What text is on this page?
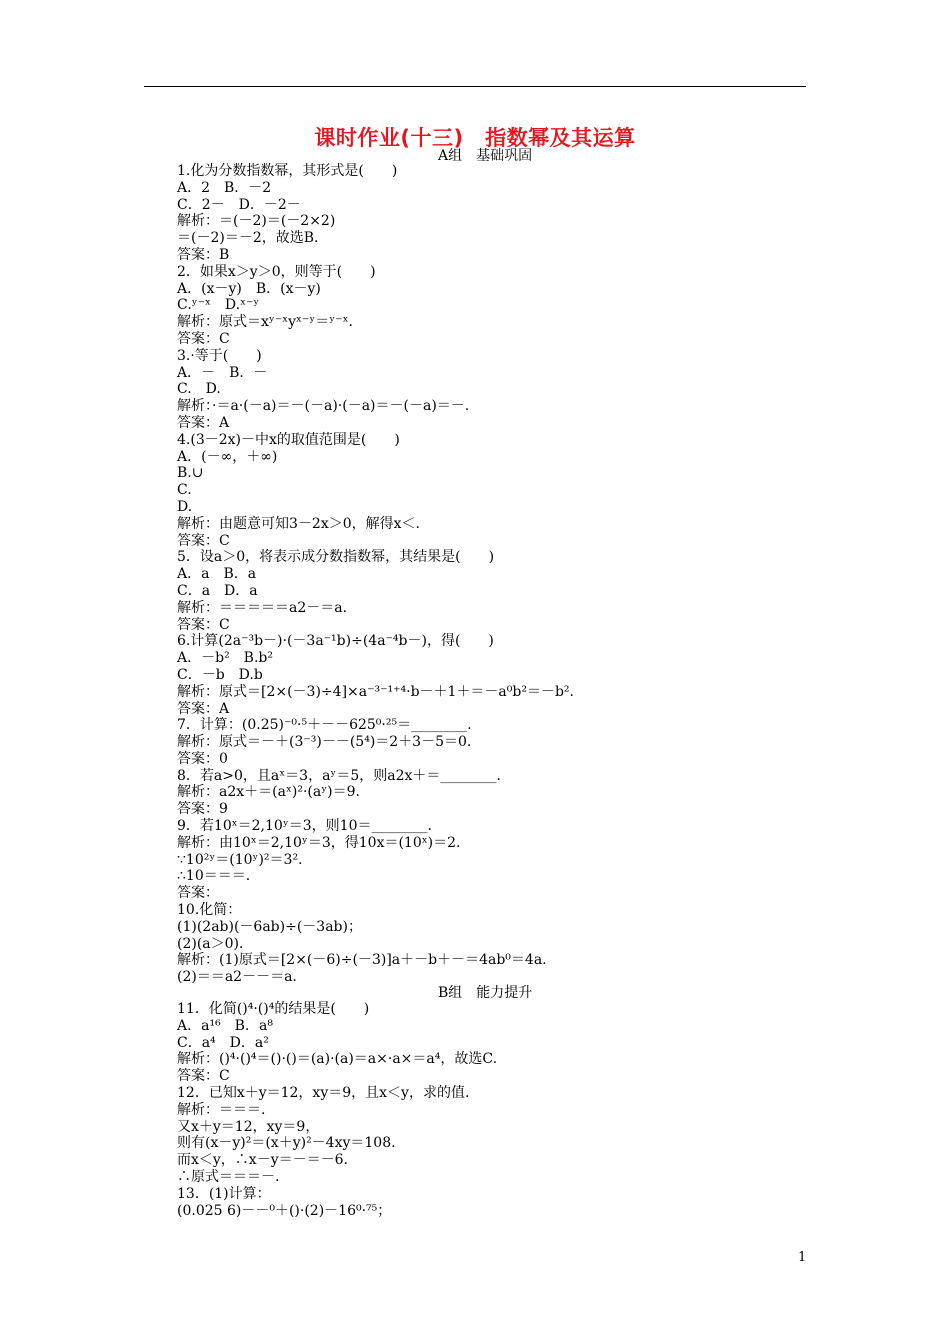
课时作业(十三)　指数幂及其运算
A组　基础巩固
1.化为分数指数幂，其形式是(　　)
A．2　B．－2
C．2－　D．－2－
解析：＝(－2)＝(－2×2)
＝(－2)＝－2，故选B.
答案：B
2．如果x＞y＞0，则等于(　　)
A．(x－y)　B．(x－y)
C.ʸ⁻ˣ　D.ˣ⁻ʸ
解析：原式＝xʸ⁻ˣyˣ⁻ʸ＝ʸ⁻ˣ.
答案：C
3.·等于(　　)
A．－　B．－
C.　D.
解析：·＝a·(－a)＝－(－a)·(－a)＝－(－a)＝－.
答案：A
4.(3－2x)－中x的取值范围是(　　)
A．(－∞，＋∞)
B.∪
C.
D.
解析：由题意可知3－2x＞0，解得x＜.
答案：C
5．设a＞0，将表示成分数指数幂，其结果是(　　)
A．a　B．a
C．a　D．a
解析：＝＝＝＝＝a2－＝a.
答案：C
6.计算(2a⁻³b－)·(－3a⁻¹b)÷(4a⁻⁴b－)，得(　　)
A．－b²　B.b²
C．－b　D.b
解析：原式＝[2×(－3)÷4]×a⁻³⁻¹⁺⁴·b－＋1＋＝－a⁰b²＝－b².
答案：A
7．计算：(0.25)⁻⁰·⁵＋－－625⁰·²⁵＝________.
解析：原式＝－＋(3⁻³)－－(5⁴)＝2＋3－5＝0.
答案：0
8．若a>0，且aˣ＝3，aʸ＝5，则a2x＋＝________.
解析：a2x＋＝(aˣ)²·(aʸ)＝9.
答案：9
9．若10ˣ＝2,10ʸ＝3，则10＝________.
解析：由10ˣ＝2,10ʸ＝3，得10x＝(10ˣ)＝2.
∵10²ʸ＝(10ʸ)²＝3².
∴10＝＝＝.
答案：
10.化简：
(1)(2ab)(－6ab)÷(－3ab)；
(2)(a＞0)．
解析：(1)原式＝[2×(－6)÷(－3)]a＋－b＋－＝4ab⁰＝4a.
(2)＝＝a2－－＝a.
B组　能力提升
11．化简()⁴·()⁴的结果是(　　)
A．a¹⁶　B．a⁸
C．a⁴　D．a²
解析：()⁴·()⁴＝()·()＝(a)·(a)＝a×·a×＝a⁴，故选C.
答案：C
12．已知x＋y＝12，xy＝9，且x＜y，求的值.
解析：＝＝＝.
又x＋y＝12，xy＝9，
则有(x－y)²＝(x＋y)²－4xy＝108.
而x＜y，∴x－y＝－＝－6.
∴原式＝＝＝－.
13．(1)计算：
(0.025 6)－－⁰＋()·(2)－16⁰·⁷⁵；
1
